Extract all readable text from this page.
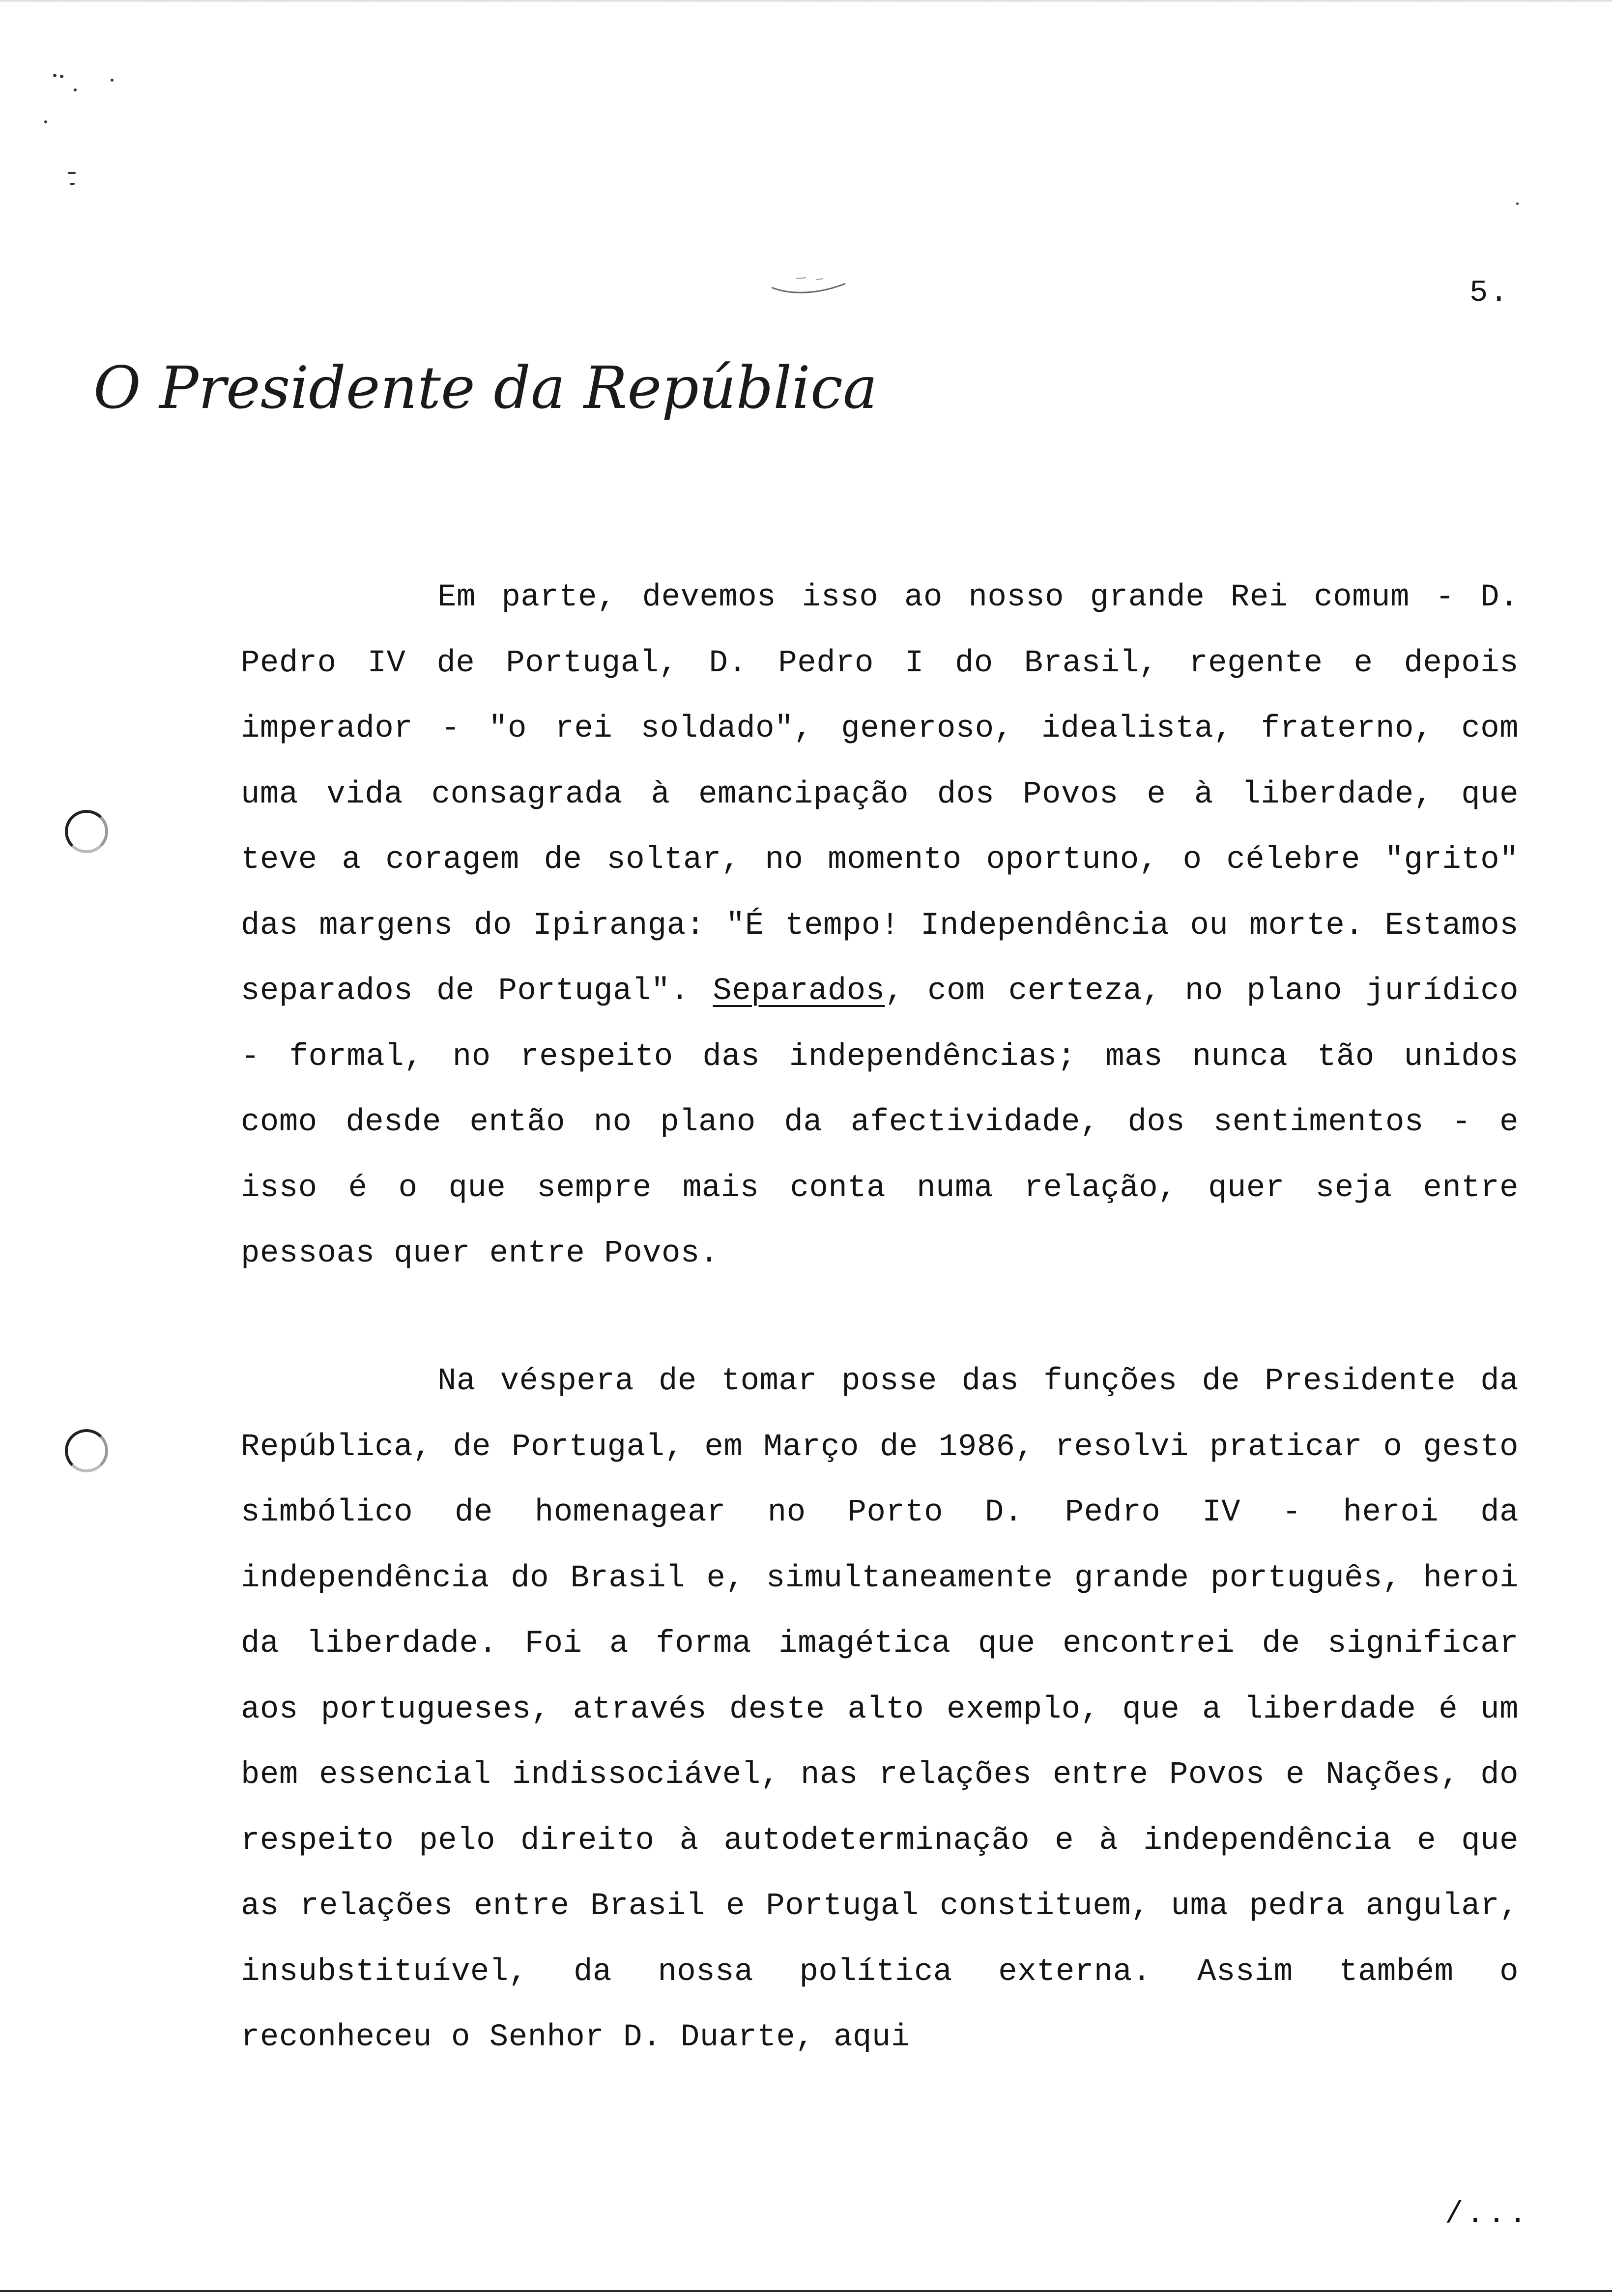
5.
O Presidente da República

Em parte, devemos isso ao nosso grande Rei comum - D. Pedro IV de Portugal, D. Pedro I do Brasil, regente e depois imperador - "o rei soldado", generoso, idealista, fraterno, com uma vida consagrada à emancipação dos Povos e à liberdade, que teve a coragem de soltar, no momento oportuno, o célebre "grito" das margens do Ipiranga: "É tempo! Independência ou morte. Estamos separados de Portugal". Separados, com certeza, no plano jurídico - formal, no respeito das independências; mas nunca tão unidos como desde então no plano da afectividade, dos sentimentos - e isso é o que sempre mais conta numa relação, quer seja entre pessoas quer entre Povos.

Na véspera de tomar posse das funções de Presidente da República, de Portugal, em Março de 1986, resolvi praticar o gesto simbólico de homenagear no Porto D. Pedro IV - heroi da independência do Brasil e, simultaneamente grande português, heroi da liberdade. Foi a forma imagética que encontrei de significar aos portugueses, através deste alto exemplo, que a liberdade é um bem essencial indissociável, nas relações entre Povos e Nações, do respeito pelo direito à autodeterminação e à independência e que as relações entre Brasil e Portugal constituem, uma pedra angular, insubstituível, da nossa política externa. Assim também o reconheceu o Senhor D. Duarte, aqui

/...
